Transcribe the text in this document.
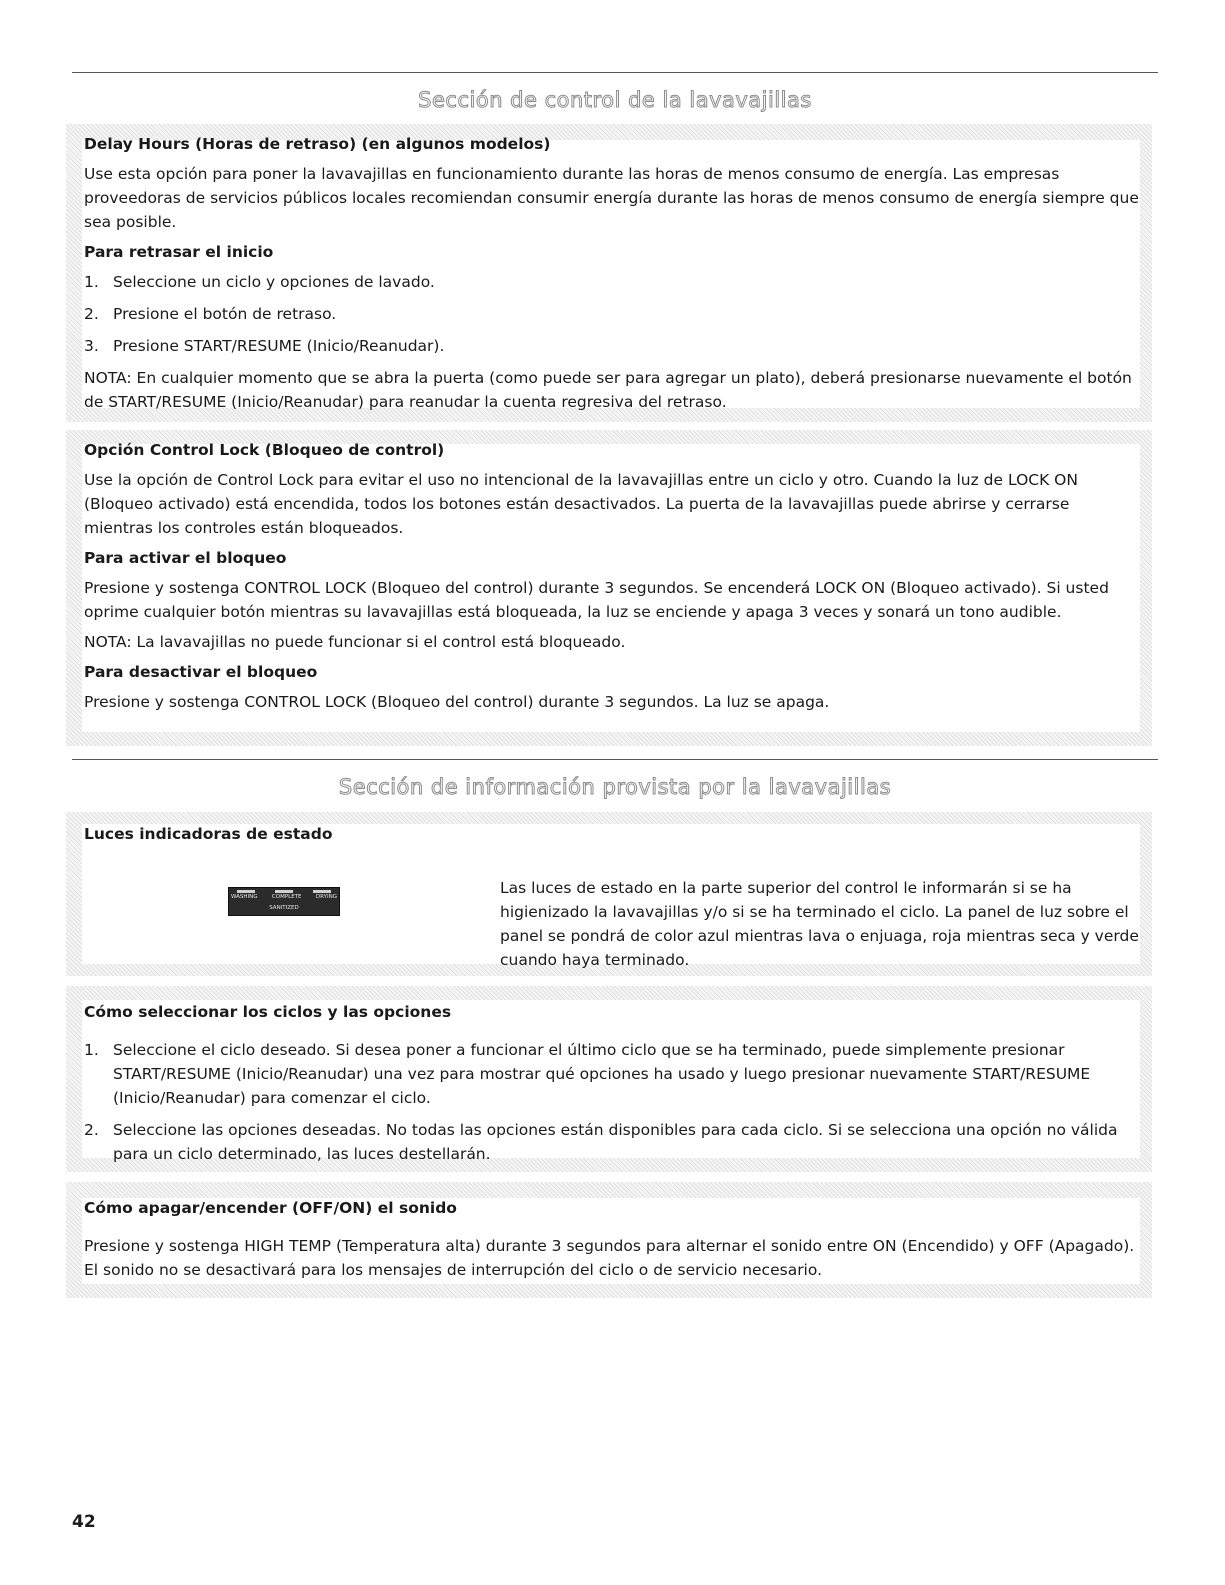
Sección de control de la lavavajillas
Delay Hours (Horas de retraso) (en algunos modelos)

Use esta opción para poner la lavavajillas en funcionamiento durante las horas de menos consumo de energía. Las empresas proveedoras de servicios públicos locales recomiendan consumir energía durante las horas de menos consumo de energía siempre que sea posible.

Para retrasar el inicio
1. Seleccione un ciclo y opciones de lavado.
2. Presione el botón de retraso.
3. Presione START/RESUME (Inicio/Reanudar).

NOTA: En cualquier momento que se abra la puerta (como puede ser para agregar un plato), deberá presionarse nuevamente el botón de START/RESUME (Inicio/Reanudar) para reanudar la cuenta regresiva del retraso.

Opción Control Lock (Bloqueo de control)

Use la opción de Control Lock para evitar el uso no intencional de la lavavajillas entre un ciclo y otro. Cuando la luz de LOCK ON (Bloqueo activado) está encendida, todos los botones están desactivados. La puerta de la lavavajillas puede abrirse y cerrarse mientras los controles están bloqueados.

Para activar el bloqueo

Presione y sostenga CONTROL LOCK (Bloqueo del control) durante 3 segundos. Se encenderá LOCK ON (Bloqueo activado). Si usted oprime cualquier botón mientras su lavavajillas está bloqueada, la luz se enciende y apaga 3 veces y sonará un tono audible.

NOTA: La lavavajillas no puede funcionar si el control está bloqueado.

Para desactivar el bloqueo

Presione y sostenga CONTROL LOCK (Bloqueo del control) durante 3 segundos. La luz se apaga.

Sección de información provista por la lavavajillas
Luces indicadoras de estado
WASHING	COMPLETE	DRYING
SANITIZED
Las luces de estado en la parte superior del control le informarán si se ha higienizado la lavavajillas y/o si se ha terminado el ciclo. La panel de luz sobre el panel se pondrá de color azul mientras lava o enjuaga, roja mientras seca y verde cuando haya terminado.
Cómo seleccionar los ciclos y las opciones
1. Seleccione el ciclo deseado. Si desea poner a funcionar el último ciclo que se ha terminado, puede simplemente presionar START/RESUME (Inicio/Reanudar) una vez para mostrar qué opciones ha usado y luego presionar nuevamente START/RESUME (Inicio/Reanudar) para comenzar el ciclo.
2. Seleccione las opciones deseadas. No todas las opciones están disponibles para cada ciclo. Si se selecciona una opción no válida para un ciclo determinado, las luces destellarán.
Cómo apagar/encender (OFF/ON) el sonido

Presione y sostenga HIGH TEMP (Temperatura alta) durante 3 segundos para alternar el sonido entre ON (Encendido) y OFF (Apagado). El sonido no se desactivará para los mensajes de interrupción del ciclo o de servicio necesario.

42
